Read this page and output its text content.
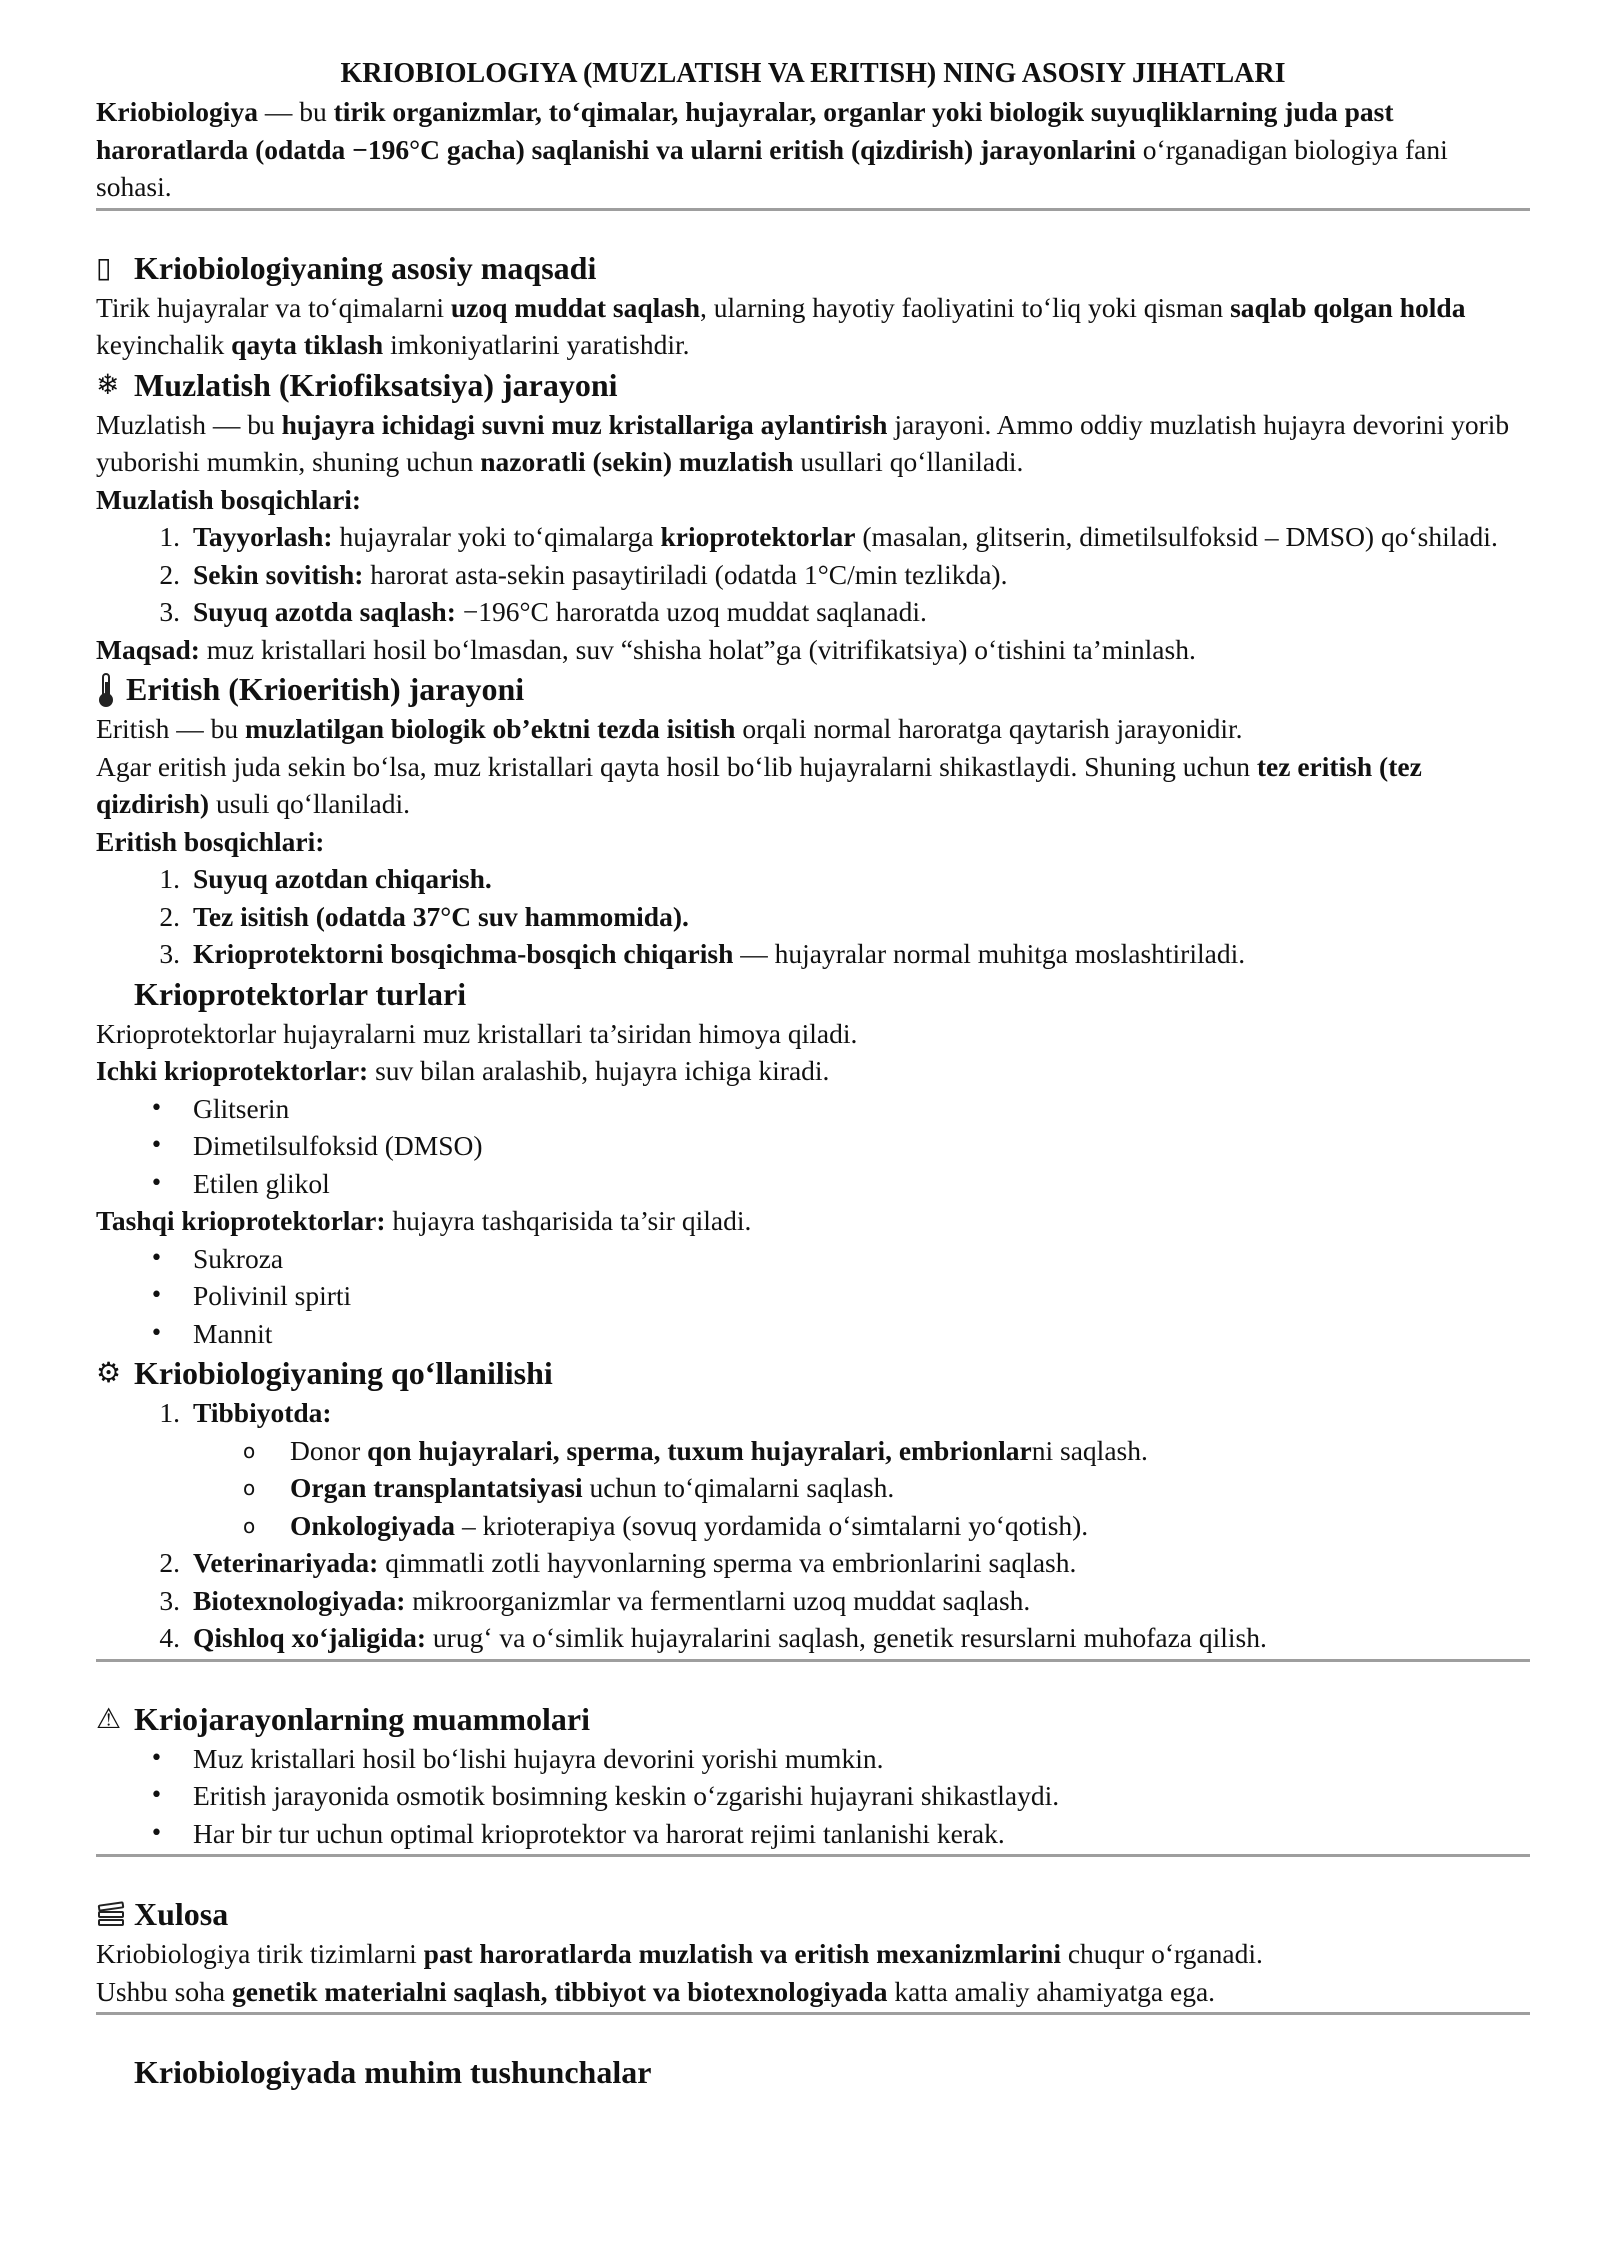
KRIOBIOLOGIYA (MUZLATISH VA ERITISH) NING ASOSIY JIHATLARI

Kriobiologiya — bu tirik organizmlar, to‘qimalar, hujayralar, organlar yoki biologik suyuqliklarning juda past haroratlarda (odatda −196°C gacha) saqlanishi va ularni eritish (qizdirish) jarayonlarini o‘rganadigan biologiya fani sohasi.

▯ Kriobiologiyaning asosiy maqsadi

Tirik hujayralar va to‘qimalarni uzoq muddat saqlash, ularning hayotiy faoliyatini to‘liq yoki qisman saqlab qolgan holda keyinchalik qayta tiklash imkoniyatlarini yaratishdir.

❄ Muzlatish (Kriofiksatsiya) jarayoni

Muzlatish — bu hujayra ichidagi suvni muz kristallariga aylantirish jarayoni. Ammo oddiy muzlatish hujayra devorini yorib yuborishi mumkin, shuning uchun nazoratli (sekin) muzlatish usullari qo‘llaniladi.

Muzlatish bosqichlari:

1. Tayyorlash: hujayralar yoki to‘qimalarga krioprotektorlar (masalan, glitserin, dimetilsulfoksid – DMSO) qo‘shiladi.
2. Sekin sovitish: harorat asta-sekin pasaytiriladi (odatda 1°C/min tezlikda).
3. Suyuq azotda saqlash: −196°C haroratda uzoq muddat saqlanadi.

Maqsad: muz kristallari hosil bo‘lmasdan, suv “shisha holat”ga (vitrifikatsiya) o‘tishini ta’minlash.

Eritish (Krioeritish) jarayoni

Eritish — bu muzlatilgan biologik ob’ektni tezda isitish orqali normal haroratga qaytarish jarayonidir.
Agar eritish juda sekin bo‘lsa, muz kristallari qayta hosil bo‘lib hujayralarni shikastlaydi. Shuning uchun tez eritish (tez qizdirish) usuli qo‘llaniladi.

Eritish bosqichlari:

1. Suyuq azotdan chiqarish.
2. Tez isitish (odatda 37°C suv hammomida).
3. Krioprotektorni bosqichma-bosqich chiqarish — hujayralar normal muhitga moslashtiriladi.
Krioprotektorlar turlari

Krioprotektorlar hujayralarni muz kristallari ta’siridan himoya qiladi.

Ichki krioprotektorlar: suv bilan aralashib, hujayra ichiga kiradi.

• Glitserin
• Dimetilsulfoksid (DMSO)
• Etilen glikol

Tashqi krioprotektorlar: hujayra tashqarisida ta’sir qiladi.

• Sukroza
• Polivinil spirti
• Mannit
⚙ Kriobiologiyaning qo‘llanilishi
1. Tibbiyotda:
o Donor qon hujayralari, sperma, tuxum hujayralari, embrionlarni saqlash.
o Organ transplantatsiyasi uchun to‘qimalarni saqlash.
o Onkologiyada – krioterapiya (sovuq yordamida o‘simtalarni yo‘qotish).
2. Veterinariyada: qimmatli zotli hayvonlarning sperma va embrionlarini saqlash.
3. Biotexnologiyada: mikroorganizmlar va fermentlarni uzoq muddat saqlash.
4. Qishloq xo‘jaligida: urug‘ va o‘simlik hujayralarini saqlash, genetik resurslarni muhofaza qilish.
⚠ Kriojarayonlarning muammolari
• Muz kristallari hosil bo‘lishi hujayra devorini yorishi mumkin.
• Eritish jarayonida osmotik bosimning keskin o‘zgarishi hujayrani shikastlaydi.
• Har bir tur uchun optimal krioprotektor va harorat rejimi tanlanishi kerak.
Xulosa

Kriobiologiya tirik tizimlarni past haroratlarda muzlatish va eritish mexanizmlarini chuqur o‘rganadi.
Ushbu soha genetik materialni saqlash, tibbiyot va biotexnologiyada katta amaliy ahamiyatga ega.

Kriobiologiyada muhim tushunchalar
